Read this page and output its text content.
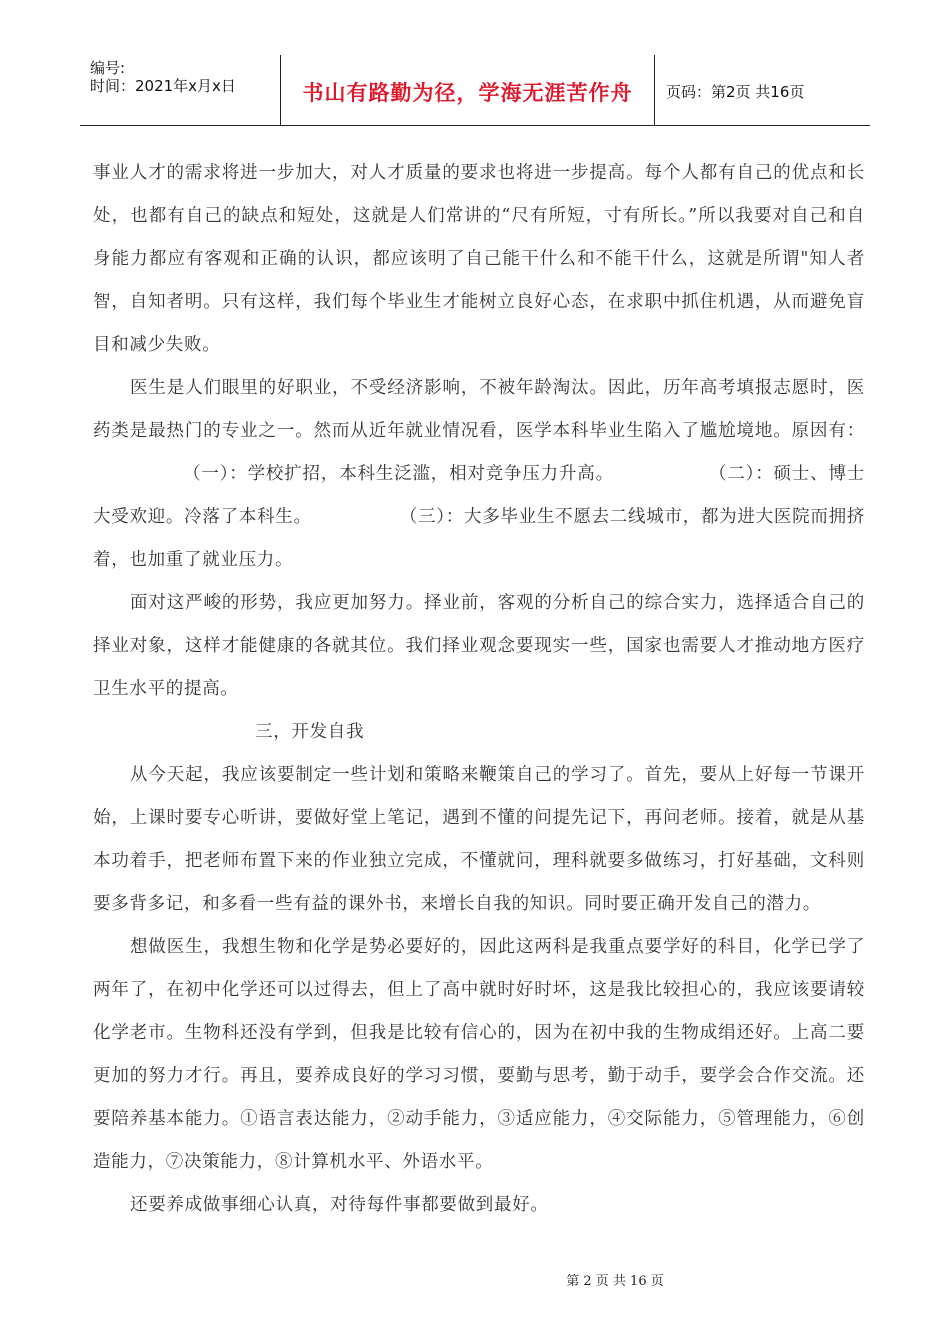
编号:
时间：2021年x月x日	书山有路勤为径，学海无涯苦作舟	页码：第2页 共16页

事业人才的需求将进一步加大，对人才质量的要求也将进一步提高。每个人都有自己的优点和长处，也都有自己的缺点和短处，这就是人们常讲的“尺有所短，寸有所长。”所以我要对自己和自身能力都应有客观和正确的认识，都应该明了自己能干什么和不能干什么，这就是所谓"知人者智，自知者明。只有这样，我们每个毕业生才能树立良好心态，在求职中抓住机遇，从而避免盲目和减少失败。

医生是人们眼里的好职业，不受经济影响，不被年龄淘汰。因此，历年高考填报志愿时，医药类是最热门的专业之一。然而从近年就业情况看，医学本科毕业生陷入了尴尬境地。原因有：（一）：学校扩招，本科生泛滥，相对竞争压力升高。	（二）：硕士、博士大受欢迎。冷落了本科生。	（三）：大多毕业生不愿去二线城市，都为进大医院而拥挤着，也加重了就业压力。

面对这严峻的形势，我应更加努力。择业前，客观的分析自己的综合实力，选择适合自己的择业对象，这样才能健康的各就其位。我们择业观念要现实一些，国家也需要人才推动地方医疗卫生水平的提高。

三，开发自我

从今天起，我应该要制定一些计划和策略来鞭策自己的学习了。首先，要从上好每一节课开始，上课时要专心听讲，要做好堂上笔记，遇到不懂的问提先记下，再问老师。接着，就是从基本功着手，把老师布置下来的作业独立完成，不懂就问，理科就要多做练习，打好基础，文科则要多背多记，和多看一些有益的课外书，来增长自我的知识。同时要正确开发自己的潜力。

想做医生，我想生物和化学是势必要好的，因此这两科是我重点要学好的科目，化学已学了两年了，在初中化学还可以过得去，但上了高中就时好时坏，这是我比较担心的，我应该要请较化学老市。生物科还没有学到，但我是比较有信心的，因为在初中我的生物成绢还好。上高二要更加的努力才行。再且，要养成良好的学习习惯，要勤与思考，勤于动手，要学会合作交流。还要陪养基本能力。①语言表达能力，②动手能力，③适应能力，④交际能力，⑤管理能力，⑥创造能力，⑦决策能力，⑧计算机水平、外语水平。

还要养成做事细心认真，对待每件事都要做到最好。

第 2 页 共 16 页
